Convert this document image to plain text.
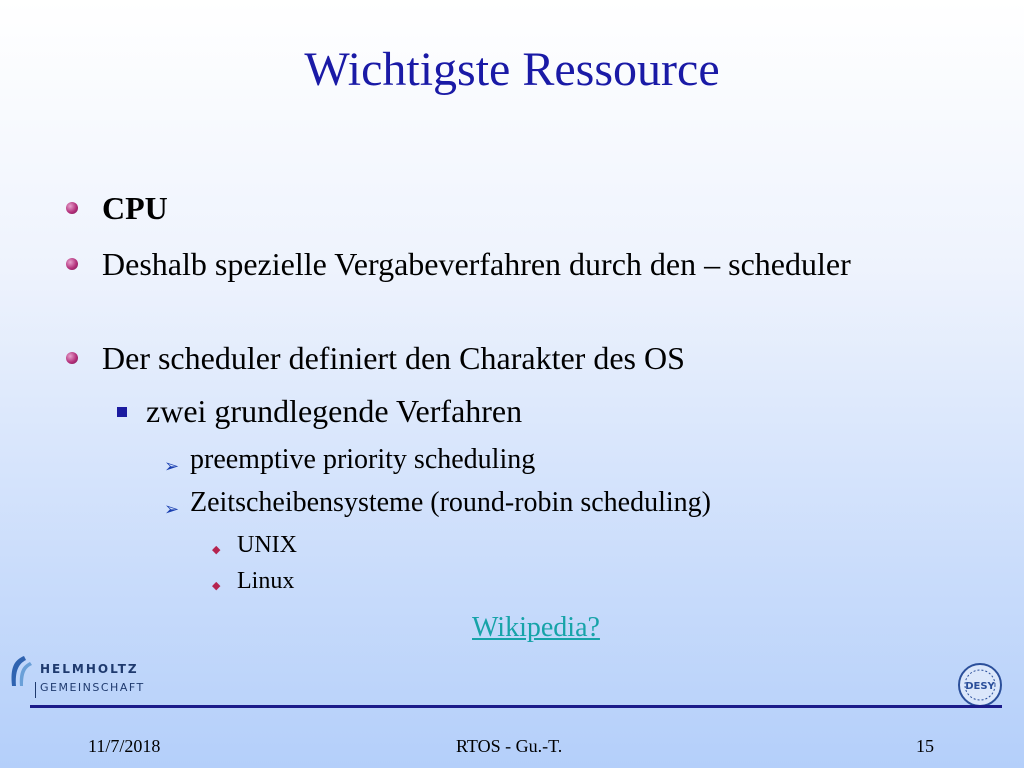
Wichtigste Ressource
CPU
Deshalb spezielle Vergabeverfahren durch den – scheduler
Der scheduler definiert den Charakter des OS
zwei grundlegende Verfahren
➢ preemptive priority scheduling
➢ Zeitscheibensysteme (round-robin scheduling)
◆ UNIX
◆ Linux
Wikipedia?
HELMHOLTZ
GEMEINSCHAFT	DESY
11/7/2018	RTOS - Gu.-T.	15
